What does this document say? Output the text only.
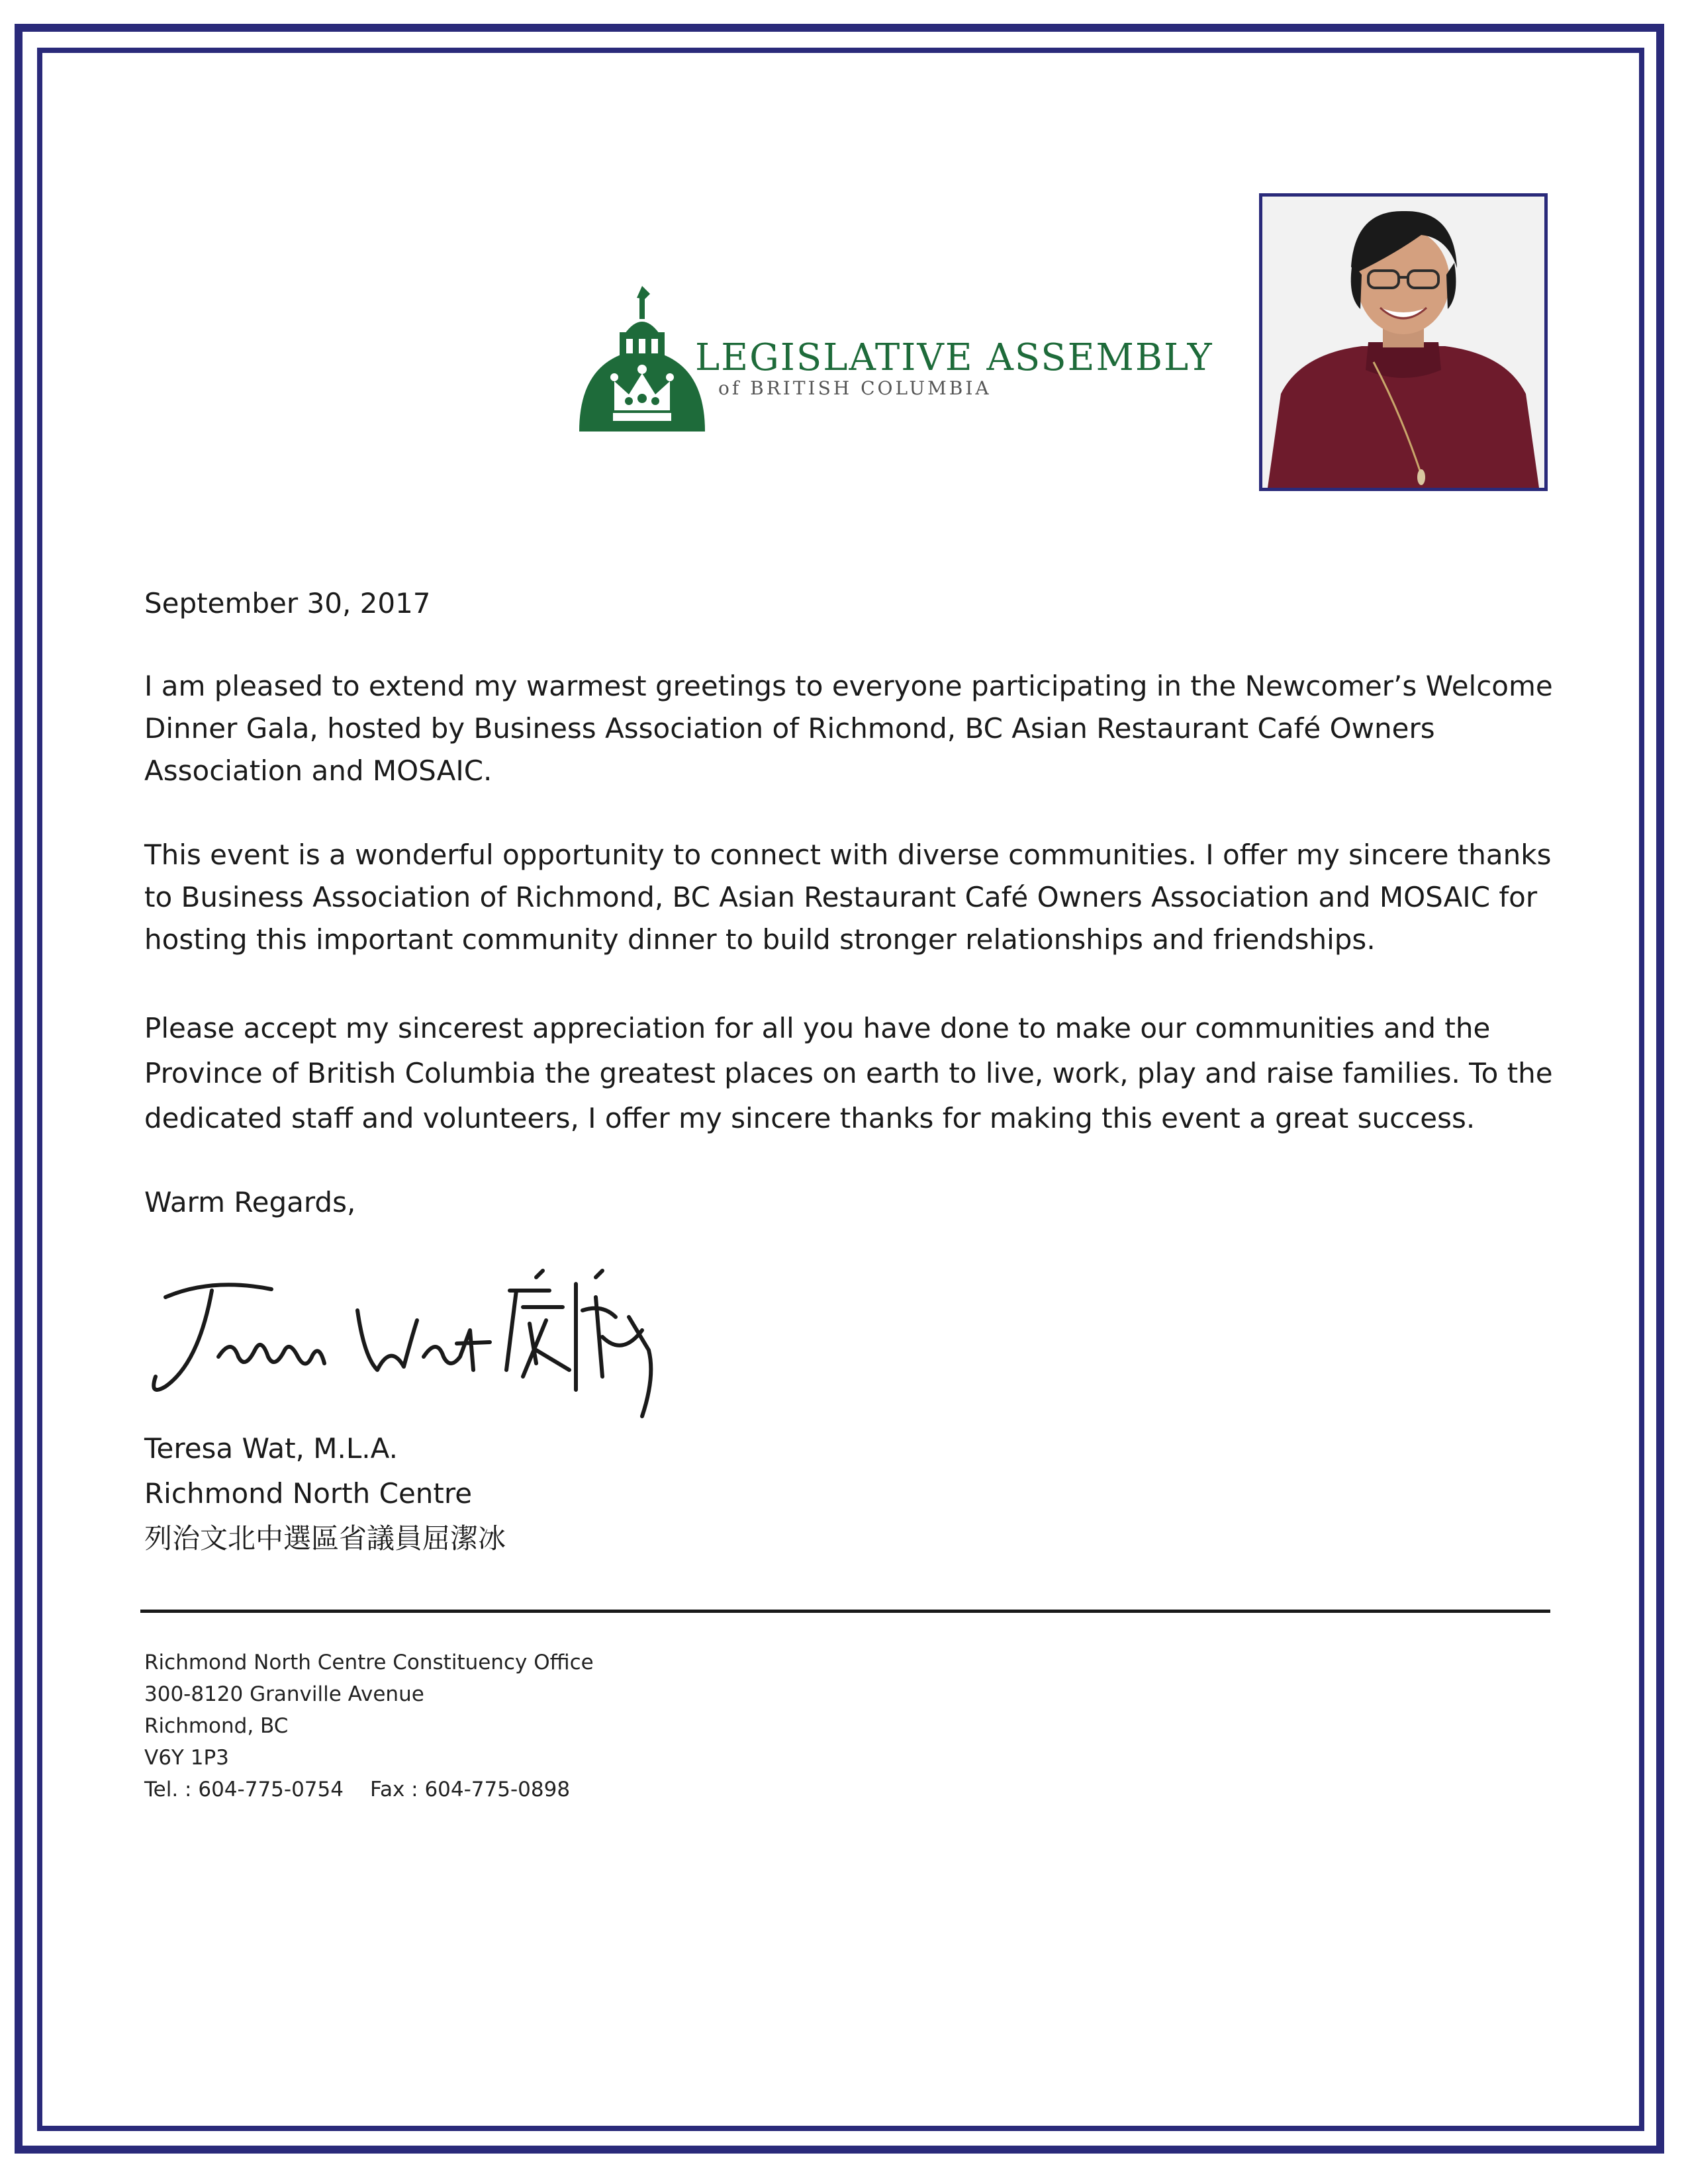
LEGISLATIVE ASSEMBLY
of BRITISH COLUMBIA
September 30, 2017
I am pleased to extend my warmest greetings to everyone participating in the Newcomer’s Welcome Dinner Gala, hosted by Business Association of Richmond, BC Asian Restaurant Café Owners Association and MOSAIC.
This event is a wonderful opportunity to connect with diverse communities. I offer my sincere thanks to Business Association of Richmond, BC Asian Restaurant Café Owners Association and MOSAIC for hosting this important community dinner to build stronger relationships and friendships.
Please accept my sincerest appreciation for all you have done to make our communities and the Province of British Columbia the greatest places on earth to live, work, play and raise families. To the dedicated staff and volunteers, I offer my sincere thanks for making this event a great success.
Warm Regards,
Teresa Wat, M.L.A.
Richmond North Centre
列治文北中選區省議員屈潔冰
Richmond North Centre Constituency Office
300-8120 Granville Avenue
Richmond, BC
V6Y 1P3
Tel. : 604-775-0754 Fax : 604-775-0898
